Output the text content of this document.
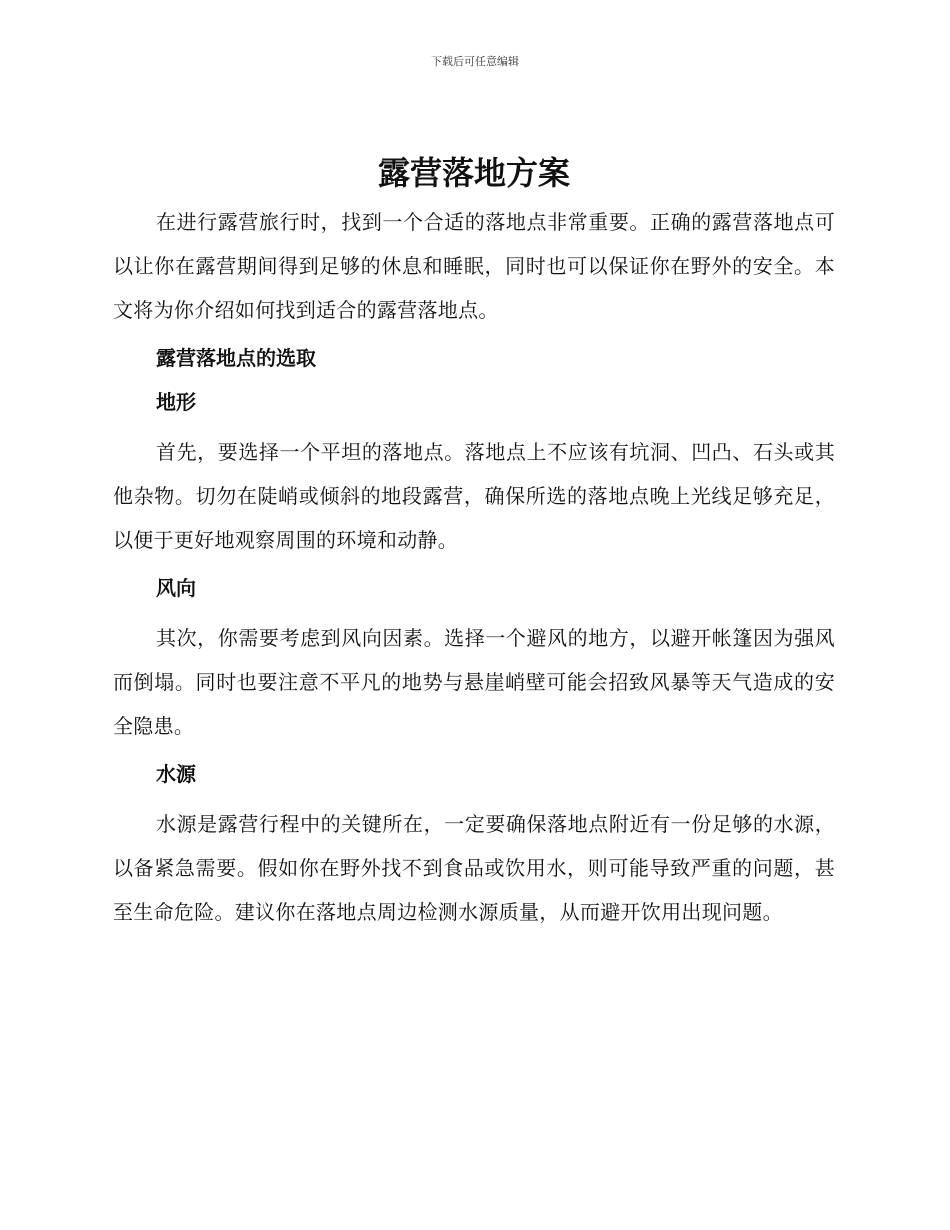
下载后可任意编辑
露营落地方案

在进行露营旅行时，找到一个合适的落地点非常重要。正确的露营落地点可以让你在露营期间得到足够的休息和睡眠，同时也可以保证你在野外的安全。本文将为你介绍如何找到适合的露营落地点。

露营落地点的选取
地形

首先，要选择一个平坦的落地点。落地点上不应该有坑洞、凹凸、石头或其他杂物。切勿在陡峭或倾斜的地段露营，确保所选的落地点晚上光线足够充足，以便于更好地观察周围的环境和动静。

风向

其次，你需要考虑到风向因素。选择一个避风的地方，以避开帐篷因为强风而倒塌。同时也要注意不平凡的地势与悬崖峭壁可能会招致风暴等天气造成的安全隐患。

水源

水源是露营行程中的关键所在，一定要确保落地点附近有一份足够的水源，以备紧急需要。假如你在野外找不到食品或饮用水，则可能导致严重的问题，甚至生命危险。建议你在落地点周边检测水源质量，从而避开饮用出现问题。
